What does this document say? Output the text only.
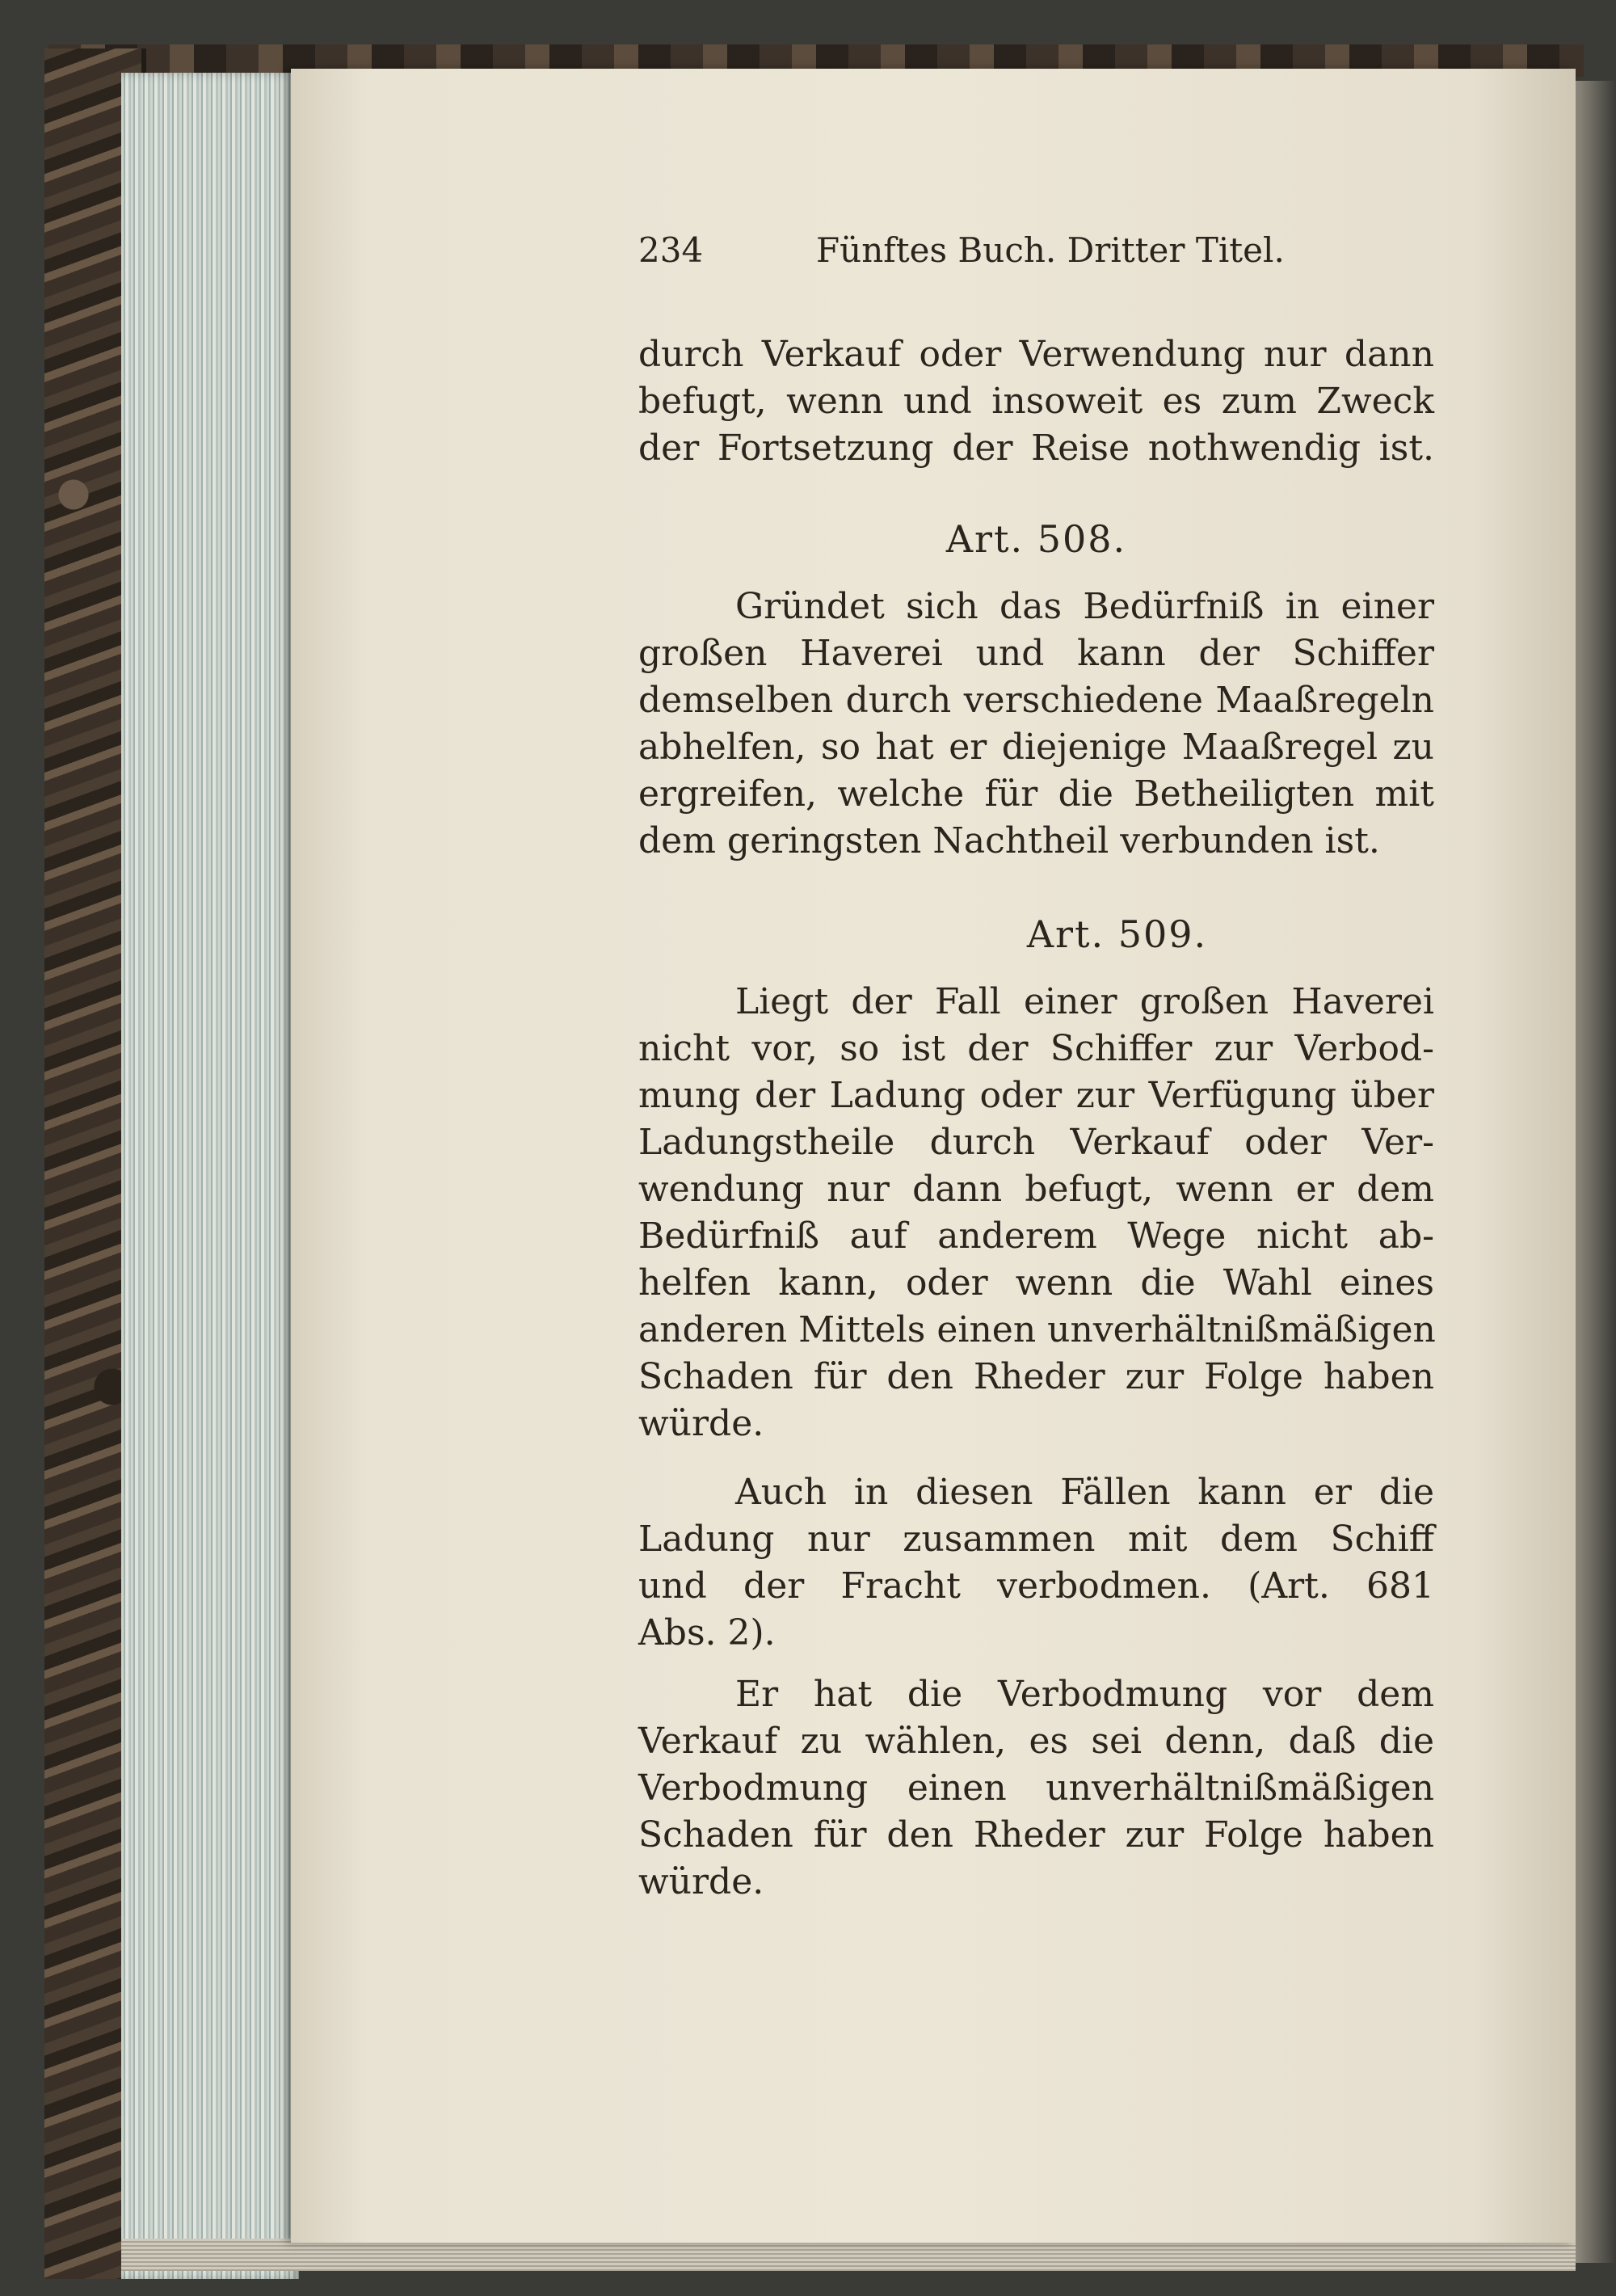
234	Fünftes Buch. Dritter Titel.
durch Verkauf oder Verwendung nur dann
befugt, wenn und insoweit es zum Zweck
der Fortsetzung der Reise nothwendig ist.
Art. 508.
Gründet sich das Bedürfniß in einer
großen Haverei und kann der Schiffer
demselben durch verschiedene Maaßregeln
abhelfen, so hat er diejenige Maaßregel zu
ergreifen, welche für die Betheiligten mit
dem geringsten Nachtheil verbunden ist.
Art. 509.
Liegt der Fall einer großen Haverei
nicht vor, so ist der Schiffer zur Verbod-
mung der Ladung oder zur Verfügung über
Ladungstheile durch Verkauf oder Ver-
wendung nur dann befugt, wenn er dem
Bedürfniß auf anderem Wege nicht ab-
helfen kann, oder wenn die Wahl eines
anderen Mittels einen unverhältnißmäßigen
Schaden für den Rheder zur Folge haben
würde.
Auch in diesen Fällen kann er die
Ladung nur zusammen mit dem Schiff
und der Fracht verbodmen. (Art. 681
Abs. 2).
Er hat die Verbodmung vor dem
Verkauf zu wählen, es sei denn, daß die
Verbodmung einen unverhältnißmäßigen
Schaden für den Rheder zur Folge haben
würde.
